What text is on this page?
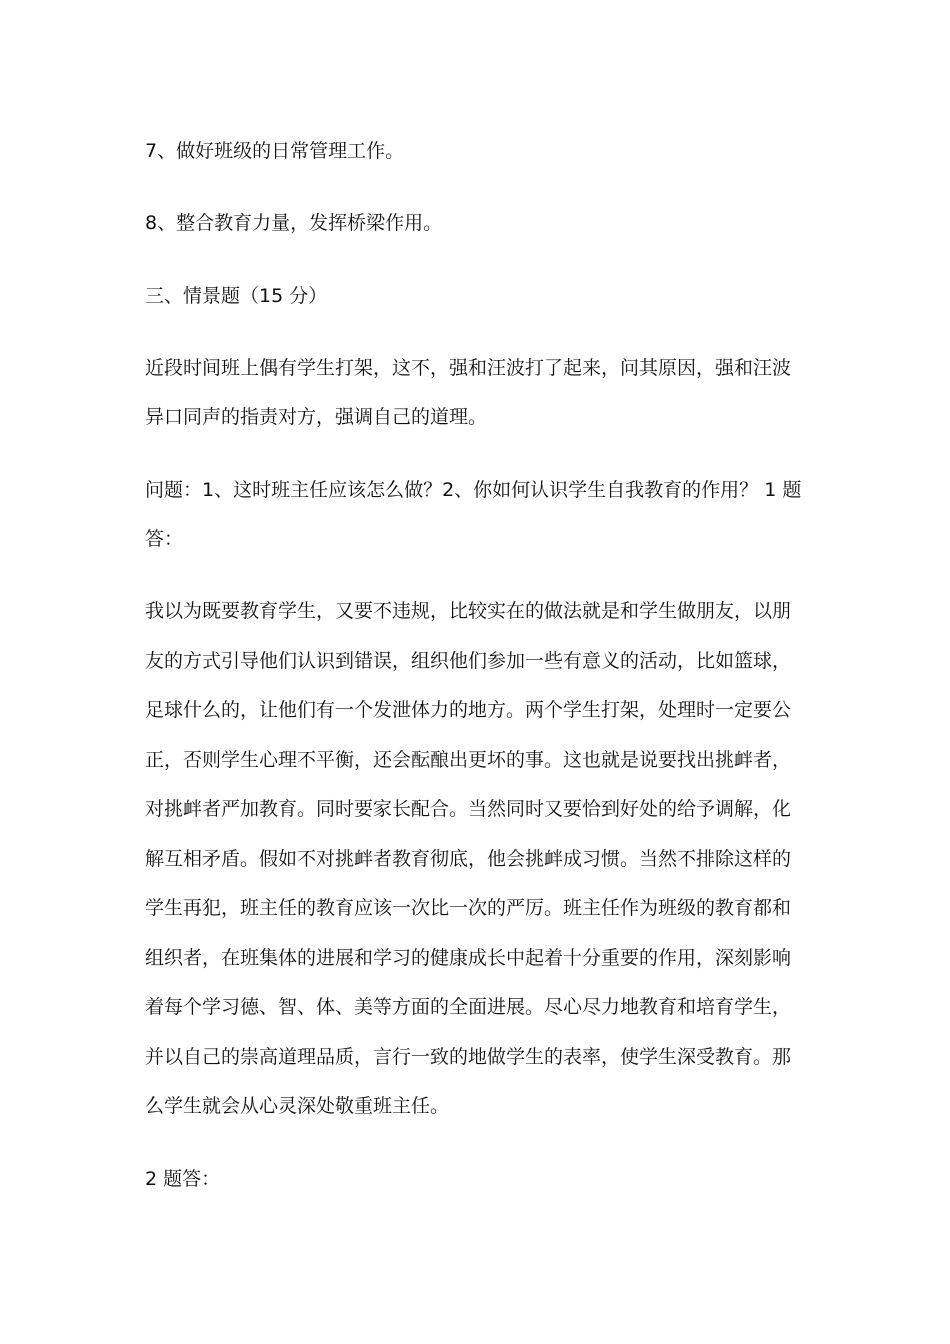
7、做好班级的日常管理工作。
8、整合教育力量，发挥桥梁作用。
三、情景题（15 分）
近段时间班上偶有学生打架，这不，强和汪波打了起来，问其原因，强和汪波
异口同声的指责对方，强调自己的道理。
问题：1、这时班主任应该怎么做？2、你如何认识学生自我教育的作用？ 1 题
答：
我以为既要教育学生，又要不违规，比较实在的做法就是和学生做朋友，以朋
友的方式引导他们认识到错误，组织他们参加一些有意义的活动，比如篮球，
足球什么的，让他们有一个发泄体力的地方。两个学生打架，处理时一定要公
正，否则学生心理不平衡，还会酝酿出更坏的事。这也就是说要找出挑衅者，
对挑衅者严加教育。同时要家长配合。当然同时又要恰到好处的给予调解，化
解互相矛盾。假如不对挑衅者教育彻底，他会挑衅成习惯。当然不排除这样的
学生再犯，班主任的教育应该一次比一次的严厉。班主任作为班级的教育都和
组织者，在班集体的进展和学习的健康成长中起着十分重要的作用，深刻影响
着每个学习德、智、体、美等方面的全面进展。尽心尽力地教育和培育学生，
并以自己的崇高道理品质，言行一致的地做学生的表率，使学生深受教育。那
么学生就会从心灵深处敬重班主任。
2 题答：
